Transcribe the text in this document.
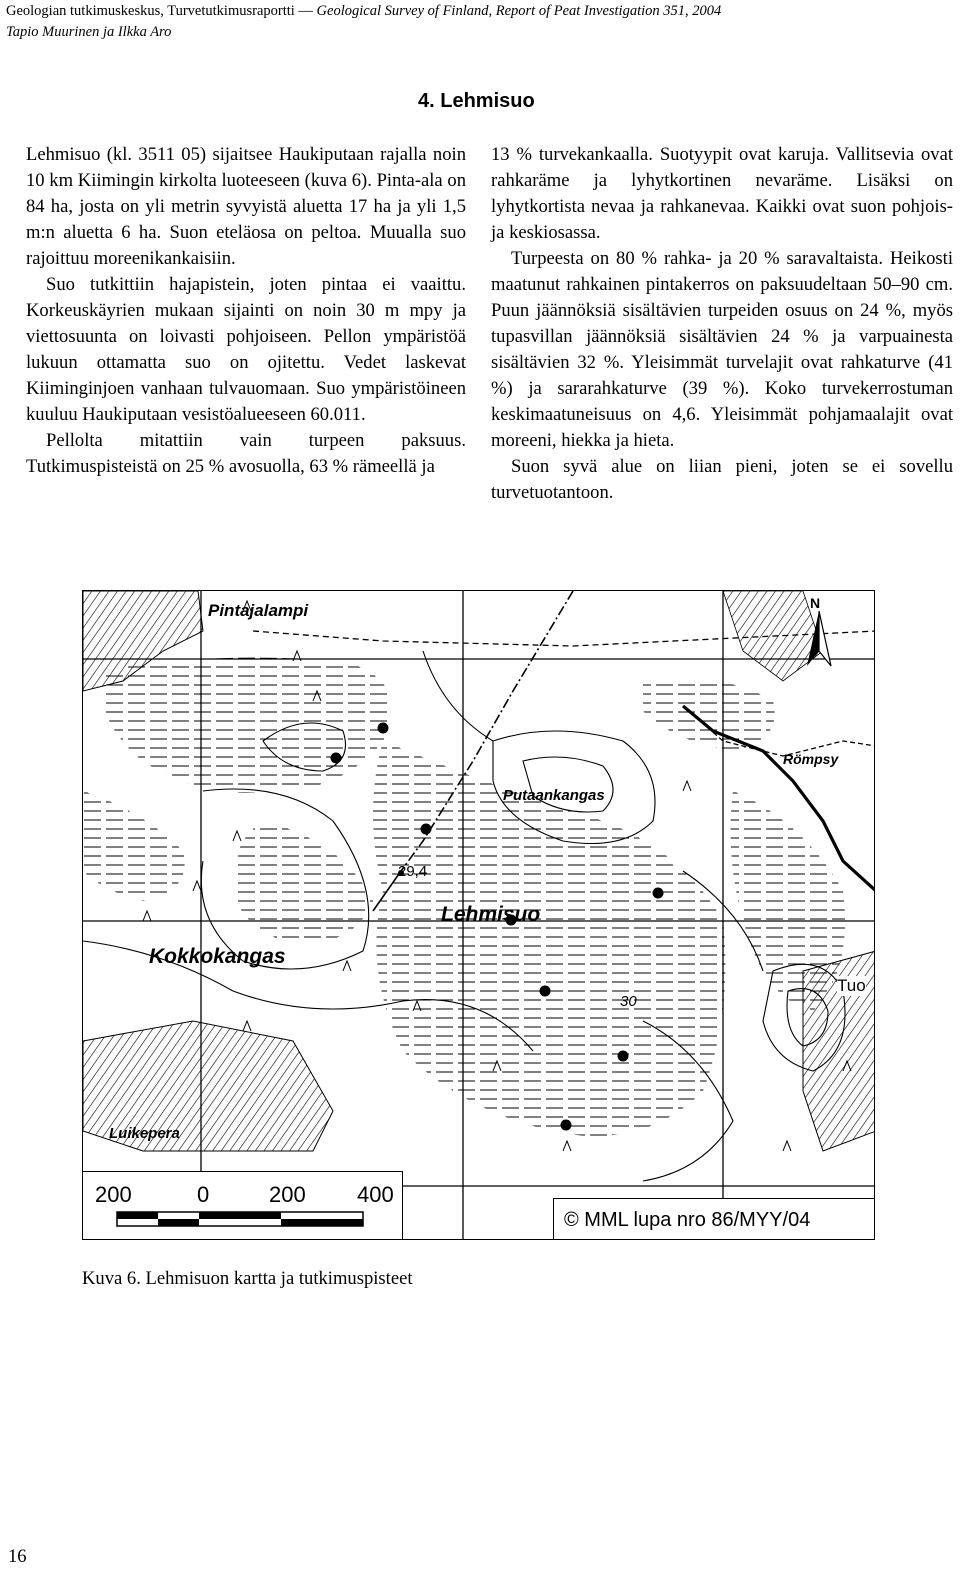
Geologian tutkimuskeskus, Turvetutkimusraportti — Geological Survey of Finland, Report of Peat Investigation 351, 2004
Tapio Muurinen ja Ilkka Aro
4. Lehmisuo

Lehmisuo (kl. 3511 05) sijaitsee Haukiputaan rajalla noin 10 km Kiimingin kirkolta luoteeseen (kuva 6). Pinta-ala on 84 ha, josta on yli metrin syvyistä aluetta 17 ha ja yli 1,5 m:n aluetta 6 ha. Suon eteläosa on peltoa. Muualla suo rajoittuu moreenikankaisiin.

Suo tutkittiin hajapistein, joten pintaa ei vaaittu. Korkeuskäyrien mukaan sijainti on noin 30 m mpy ja viettosuunta on loivasti pohjoiseen. Pellon ympäristöä lukuun ottamatta suo on ojitettu. Vedet laskevat Kiiminginjoen vanhaan tulvauomaan. Suo ympäristöineen kuuluu Haukiputaan vesistöalueeseen 60.011.

Pellolta mitattiin vain turpeen paksuus. Tutkimuspisteistä on 25 % avosuolla, 63 % rämeellä ja

13 % turvekankaalla. Suotyypit ovat karuja. Vallitsevia ovat rahkaräme ja lyhytkortinen nevaräme. Lisäksi on lyhytkortista nevaa ja rahkanevaa. Kaikki ovat suon pohjois- ja keskiosassa.

Turpeesta on 80 % rahka- ja 20 % saravaltaista. Heikosti maatunut rahkainen pintakerros on paksuudeltaan 50–90 cm. Puun jäännöksiä sisältävien turpeiden osuus on 24 %, myös tupasvillan jäännöksiä sisältävien 24 % ja varpuainesta sisältävien 32 %. Yleisimmät turvelajit ovat rahkaturve (41 %) ja sararahkaturve (39 %). Koko turvekerrostuman keskimaatuneisuus on 4,6. Yleisimmät pohjamaalajit ovat moreeni, hiekka ja hieta.

Suon syvä alue on liian pieni, joten se ei sovellu turvetuotantoon.

Pintajalampi
Römpsy
Putaankangas
29,4
Lehmisuo
Kokkokangas
30
Tuo
Luikepera
N
200	0	200 400
© MML lupa nro 86/MYY/04
Kuva 6. Lehmisuon kartta ja tutkimuspisteet
16
